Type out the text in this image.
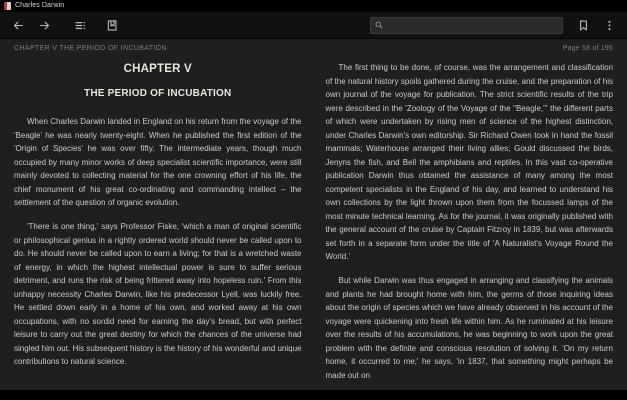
Charles Darwin
CHAPTER V THE PERIOD OF INCUBATION	Page 58 of 195
CHAPTER V
THE PERIOD OF INCUBATION

When Charles Darwin landed in England on his return from the voyage of the 'Beagle' he was nearly twenty-eight. When he published the first edition of the 'Origin of Species' he was over fifty. The intermediate years, though much occupied by many minor works of deep specialist scientific importance, were still mainly devoted to collecting material for the one crowning effort of his life, the chief monument of his great co-ordinating and commanding intellect – the settlement of the question of organic evolution.

'There is one thing,' says Professor Fiske, 'which a man of original scientific or philosophical genius in a rightly ordered world should never be called upon to do. He should never be called upon to earn a living; for that is a wretched waste of energy, in which the highest intellectual power is sure to suffer serious detriment, and runs the risk of being frittered away into hopeless ruin.' From this unhappy necessity Charles Darwin, like his predecessor Lyell, was luckily free. He settled down early in a home of his own, and worked away at his own occupations, with no sordid need for earning the day's bread, but with perfect leisure to carry out the great destiny for which the chances of the universe had singled him out. His subsequent history is the history of his wonderful and unique contributions to natural science.

The first thing to be done, of course, was the arrangement and classification of the natural history spoils gathered during the cruise, and the preparation of his own journal of the voyage for publication. The strict scientific results of the trip were described in the 'Zoology of the Voyage of the "Beagle,"' the different parts of which were undertaken by rising men of science of the highest distinction, under Charles Darwin's own editorship. Sir Richard Owen took in hand the fossil mammals; Waterhouse arranged their living allies; Gould discussed the birds, Jenyns the fish, and Bell the amphibians and reptiles. In this vast co-operative publication Darwin thus obtained the assistance of many among the most competent specialists in the England of his day, and learned to understand his own collections by the light thrown upon them from the focussed lamps of the most minute technical learning. As for the journal, it was originally published with the general account of the cruise by Captain Fitzroy in 1839, but was afterwards set forth in a separate form under the title of 'A Naturalist's Voyage Round the World.'

But while Darwin was thus engaged in arranging and classifying the animals and plants he had brought home with him, the germs of those inquiring ideas about the origin of species which we have already observed in his account of the voyage were quickening into fresh life within him. As he ruminated at his leisure over the results of his accumulations, he was beginning to work upon the great problem with the definite and conscious resolution of solving it. 'On my return home, it occurred to me,' he says, 'in 1837, that something might perhaps be made out on
